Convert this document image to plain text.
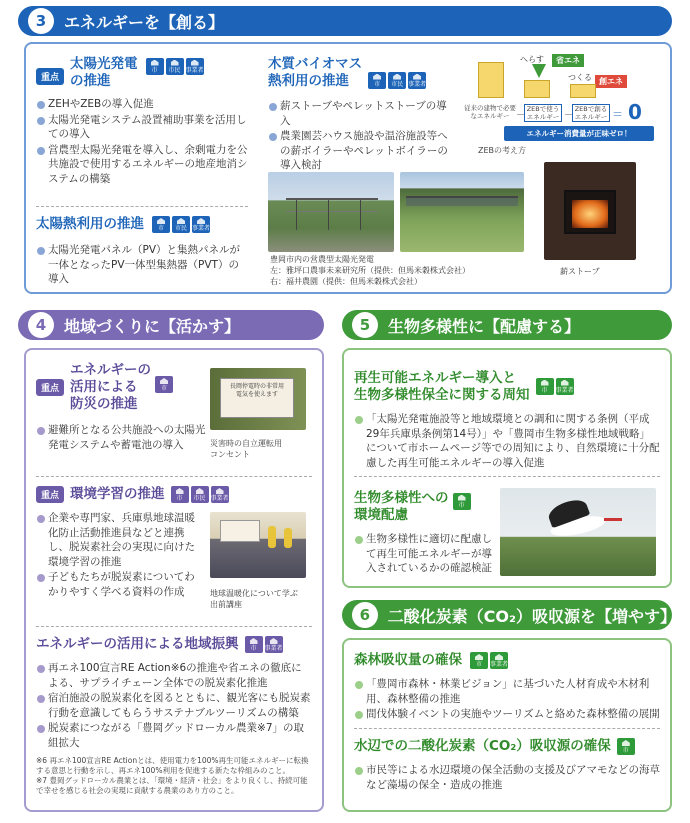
3	エネルギーを【創る】
重点
太陽光発電
の推進
市	市民 事業者
ZEHやZEBの導入促進
太陽光発電システム設置補助事業を活用しての導入
営農型太陽光発電を導入し、余剰電力を公共施設で使用するエネルギーの地産地消システムの構築
太陽熱利用の推進	市	市民 事業者
太陽光発電パネル（PV）と集熱パネルが一体となったPV一体型集熱器（PVT）の導入
木質バイオマス
熱利用の推進	市	市民 事業者
薪ストーブやペレットストーブの導入
農業園芸ハウス施設や温浴施設等への薪ボイラーやペレットボイラーの導入検討
へらす	省エネ
つくる 創エネ
従来の建物で必要なエネルギー －
ZEBで使うエネルギー －
ZEBで創るエネルギー ＝ 0
エネルギー消費量が正味ゼロ！
ZEBの考え方
豊岡市内の営農型太陽光発電
左：雅坪口農事未来研究所（提供：但馬米穀株式会社）
右：福井農園（提供：但馬米穀株式会社）
薪ストーブ
4	地域づくりに【活かす】
重点
エネルギーの
活用による
防災の推進
市
避難所となる公共施設への太陽光発電システムや蓄電池の導入
長岡停電時の非常用
電気を使えます
災害時の自立運転用
コンセント
重点 環境学習の推進	市	市民 事業者
企業や専門家、兵庫県地球温暖化防止活動推進員などと連携し、脱炭素社会の実現に向けた環境学習の推進
子どもたちが脱炭素についてわかりやすく学べる資料の作成	地球温暖化について学ぶ
出前講座
エネルギーの活用による地域振興	市	事業者
再エネ100宣言RE Action※6の推進や省エネの徹底による、サプライチェーン全体での脱炭素化推進
宿泊施設の脱炭素化を図るとともに、観光客にも脱炭素行動を意識してもらうサステナブルツーリズムの構築
脱炭素につながる「豊岡グッドローカル農業※7」の取組拡大
※6 再エネ100宣言RE Actionとは、使用電力を100%再生可能エネルギーに転換する意思と行動を示し、再エネ100%利用を促進する新たな枠組みのこと。
※7 豊岡グッドローカル農業とは、「環境・経済・社会」をより良くし、持続可能で幸せを感じる社会の実現に貢献する農業のあり方のこと。
5	生物多様性に【配慮する】
再生可能エネルギー導入と
生物多様性保全に関する周知	市	事業者
「太陽光発電施設等と地域環境との調和に関する条例（平成29年兵庫県条例第14号）」や「豊岡市生物多様性地域戦略」について市ホームページ等での周知により、自然環境に十分配慮した再生可能エネルギーの導入促進
生物多様性への
環境配慮
市
生物多様性に適切に配慮して再生可能エネルギーが導入されているかの確認検証
6	二酸化炭素（CO₂）吸収源を【増やす】
森林吸収量の確保	市	事業者
「豊岡市森林・林業ビジョン」に基づいた人材育成や木材利用、森林整備の推進
間伐体験イベントの実施やツーリズムと絡めた森林整備の展開
水辺での二酸化炭素（CO₂）吸収源の確保	市
市民等による水辺環境の保全活動の支援及びアマモなどの海草など藻場の保全・造成の推進
